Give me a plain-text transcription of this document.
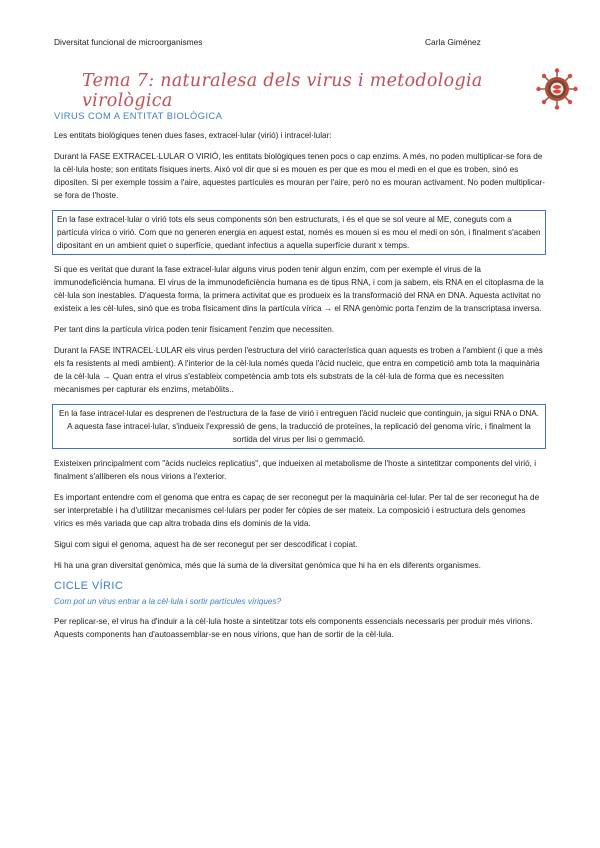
Diversitat funcional de microorganismes	Carla Giménez
Tema 7: naturalesa dels virus i metodologia virològica
VIRUS COM A ENTITAT BIOLÒGICA

Les entitats biològiques tenen dues fases, extracel·lular (virió) i intracel·lular:

Durant la FASE EXTRACEL·LULAR O VIRIÓ, les entitats biològiques tenen pocs o cap enzims. A més, no poden multiplicar-se fora de la cèl·lula hoste; son entitats físiques inerts. Això vol dir que si es mouen es per que es mou el medi en el que es troben, sinó es dipositen. Si per exemple tossim a l'aire, aquestes partícules es mouran per l'aire, però no es mouran activament. No poden multiplicar-se fora de l'hoste.

En la fase extracel·lular o virió tots els seus components són ben estructurats, i és el que se sol veure al ME, coneguts com a partícula vírica o virió. Com que no generen energia en aquest estat, només es mouen si es mou el medi on són, i finalment s'acaben dipositant en un ambient quiet o superfície, quedant infectius a aquella superfície durant x temps.

Si que es veritat que durant la fase extracel·lular alguns virus poden tenir algun enzim, com per exemple el virus de la immunodeficiència humana. El virus de la immunodeficiència humana es de tipus RNA, i com ja sabem, els RNA en el citoplasma de la cèl·lula son inestables. D'aquesta forma, la primera activitat que es produeix es la transformació del RNA en DNA. Aquesta activitat no existeix a les cèl·lules, sinó que es troba físicament dins la partícula vírica → el RNA genòmic porta l'enzim de la transcriptasa inversa.

Per tant dins la partícula vírica poden tenir físicament l'enzim que necessiten.

Durant la FASE INTRACEL·LULAR els virus perden l'estructura del virió característica quan aquests es troben a l'ambient (i que a més els fa resistents al medi ambient). A l'interior de la cèl·lula només queda l'àcid nucleic, que entra en competició amb tota la maquinària de la cèl·lula → Quan entra el virus s'estableix competència amb tots els substrats de la cèl·lula de forma que es necessiten mecanismes per capturar els enzims, metabòlits..

En la fase intracel·lular es desprenen de l'estructura de la fase de virió i entreguen l'àcid nucleic que continguin, ja sigui RNA o DNA. A aquesta fase intracel·lular, s'indueix l'expressió de gens, la traducció de proteïnes, la replicació del genoma víric, i finalment la sortida del virus per lisi o gemmació.

Existeixen principalment com "àcids nucleics replicatius", que indueixen al metabolisme de l'hoste a sintetitzar components del virió, i finalment s'alliberen els nous virions a l'exterior.

Es important entendre com el genoma que entra es capaç de ser reconegut per la maquinària cel·lular. Per tal de ser reconegut ha de ser interpretable i ha d'utilitzar mecanismes cel·lulars per poder fer còpies de ser mateix. La composició i estructura dels genomes vírics es més variada que cap altra trobada dins els dominis de la vida.

Sigui com sigui el genoma, aquest ha de ser reconegut per ser descodificat i copiat.

Hi ha una gran diversitat genòmica, més que la suma de la diversitat genòmica que hi ha en els diferents organismes.

CICLE VÍRIC
Com pot un virus entrar a la cèl·lula i sortir partícules víriques?

Per replicar-se, el virus ha d'induir a la cèl·lula hoste a sintetitzar tots els components essencials necessaris per produir més virions. Aquests components han d'autoassemblar-se en nous virions, que han de sortir de la cèl·lula.
